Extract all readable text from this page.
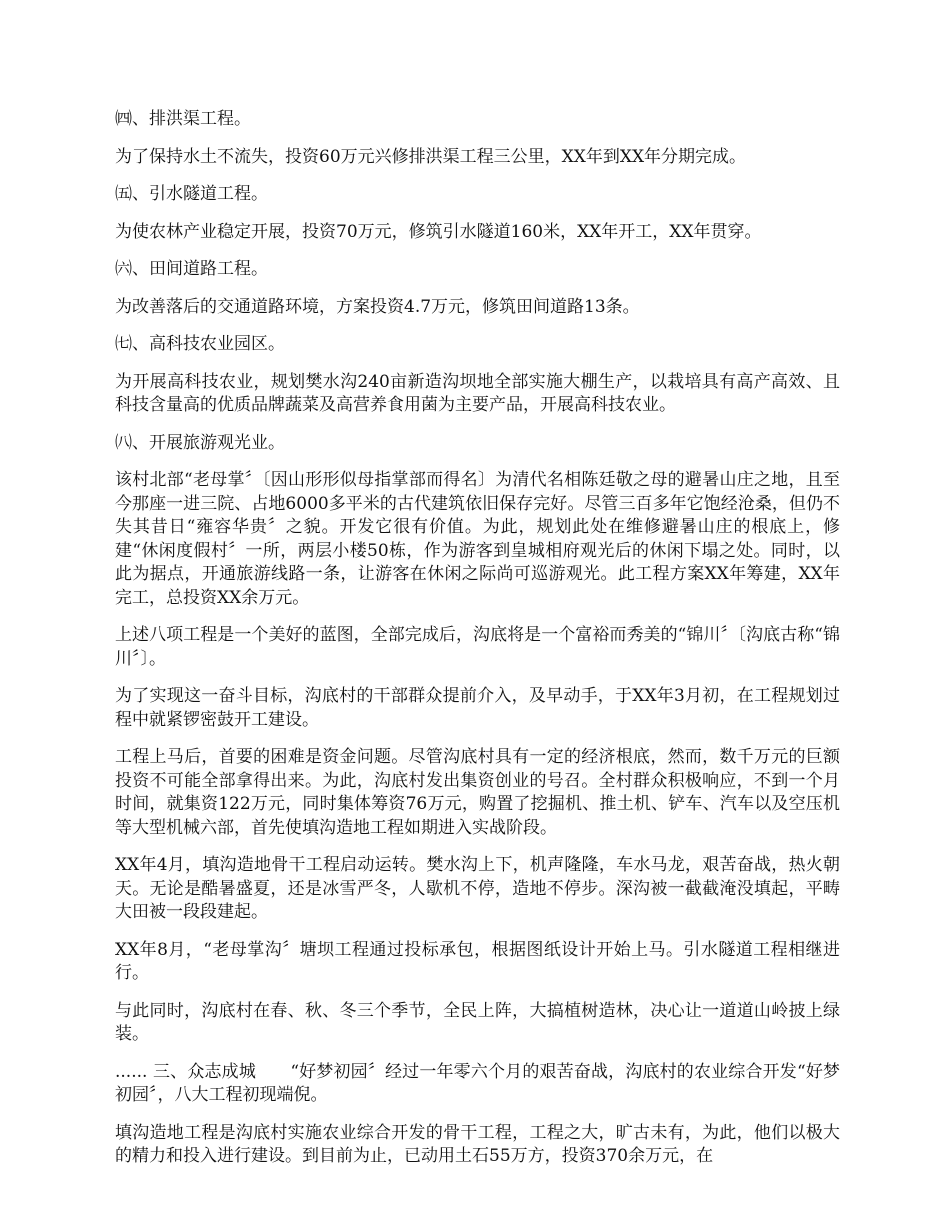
㈣、排洪渠工程。

为了保持水土不流失，投资60万元兴修排洪渠工程三公里，XX年到XX年分期完成。

㈤、引水隧道工程。

为使农林产业稳定开展，投资70万元，修筑引水隧道160米，XX年开工，XX年贯穿。

㈥、田间道路工程。

为改善落后的交通道路环境，方案投资4.7万元，修筑田间道路13条。

㈦、高科技农业园区。

为开展高科技农业，规划樊水沟240亩新造沟坝地全部实施大棚生产，以栽培具有高产高效、且科技含量高的优质品牌蔬菜及高营养食用菌为主要产品，开展高科技农业。

㈧、开展旅游观光业。

该村北部“老母掌〞〔因山形形似母指掌部而得名〕为清代名相陈廷敬之母的避暑山庄之地，且至今那座一进三院、占地6000多平米的古代建筑依旧保存完好。尽管三百多年它饱经沧桑，但仍不失其昔日“雍容华贵〞之貌。开发它很有价值。为此，规划此处在维修避暑山庄的根底上，修建“休闲度假村〞一所，两层小楼50栋，作为游客到皇城相府观光后的休闲下塌之处。同时，以此为据点，开通旅游线路一条，让游客在休闲之际尚可巡游观光。此工程方案XX年筹建，XX年完工，总投资XX余万元。

上述八项工程是一个美好的蓝图，全部完成后，沟底将是一个富裕而秀美的“锦川〞〔沟底古称“锦川〞〕。

为了实现这一奋斗目标，沟底村的干部群众提前介入，及早动手，于XX年3月初，在工程规划过程中就紧锣密鼓开工建设。

工程上马后，首要的困难是资金问题。尽管沟底村具有一定的经济根底，然而，数千万元的巨额投资不可能全部拿得出来。为此，沟底村发出集资创业的号召。全村群众积极响应，不到一个月时间，就集资122万元，同时集体筹资76万元，购置了挖掘机、推土机、铲车、汽车以及空压机等大型机械六部，首先使填沟造地工程如期进入实战阶段。

XX年4月，填沟造地骨干工程启动运转。樊水沟上下，机声隆隆，车水马龙，艰苦奋战，热火朝天。无论是酷暑盛夏，还是冰雪严冬，人歇机不停，造地不停步。深沟被一截截淹没填起，平畴大田被一段段建起。

XX年8月，“老母掌沟〞塘坝工程通过投标承包，根据图纸设计开始上马。引水隧道工程相继进行。

与此同时，沟底村在春、秋、冬三个季节，全民上阵，大搞植树造林，决心让一道道山岭披上绿装。

...... 三、众志成城　　“好梦初园〞经过一年零六个月的艰苦奋战，沟底村的农业综合开发“好梦初园〞，八大工程初现端倪。

填沟造地工程是沟底村实施农业综合开发的骨干工程，工程之大，旷古未有，为此，他们以极大的精力和投入进行建设。到目前为止，已动用土石55万方，投资370余万元，在
